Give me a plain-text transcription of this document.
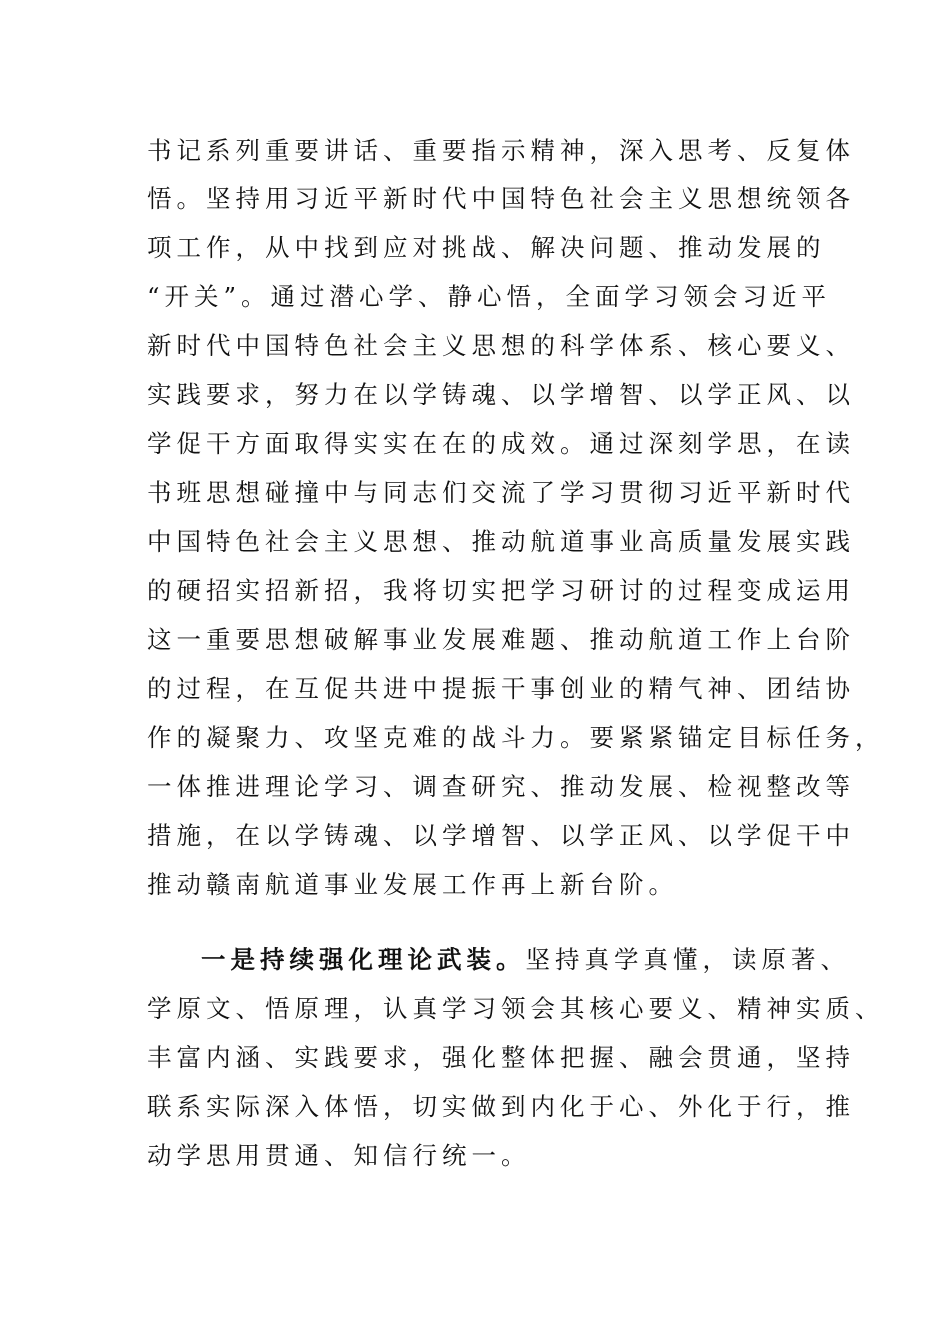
书记系列重要讲话、重要指示精神，深入思考、反复体
悟。坚持用习近平新时代中国特色社会主义思想统领各
项工作，从中找到应对挑战、解决问题、推动发展的
“开关”。通过潜心学、静心悟，全面学习领会习近平
新时代中国特色社会主义思想的科学体系、核心要义、
实践要求，努力在以学铸魂、以学增智、以学正风、以
学促干方面取得实实在在的成效。通过深刻学思，在读
书班思想碰撞中与同志们交流了学习贯彻习近平新时代
中国特色社会主义思想、推动航道事业高质量发展实践
的硬招实招新招，我将切实把学习研讨的过程变成运用
这一重要思想破解事业发展难题、推动航道工作上台阶
的过程，在互促共进中提振干事创业的精气神、团结协
作的凝聚力、攻坚克难的战斗力。要紧紧锚定目标任务，
一体推进理论学习、调查研究、推动发展、检视整改等
措施，在以学铸魂、以学增智、以学正风、以学促干中
推动赣南航道事业发展工作再上新台阶。
一是持续强化理论武装。坚持真学真懂，读原著、
学原文、悟原理，认真学习领会其核心要义、精神实质、
丰富内涵、实践要求，强化整体把握、融会贯通，坚持
联系实际深入体悟，切实做到内化于心、外化于行，推
动学思用贯通、知信行统一。
